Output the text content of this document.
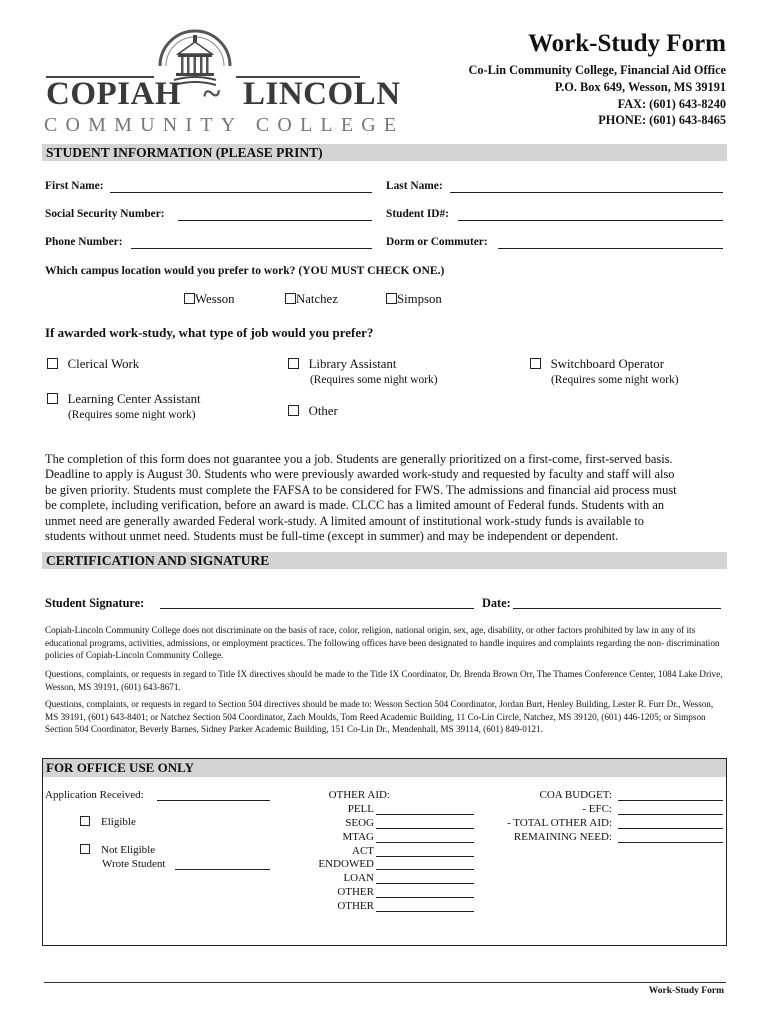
COPIAH ~ LINCOLN
COMMUNITY COLLEGE
Work-Study Form
Co-Lin Community College, Financial Aid Office
P.O. Box 649, Wesson, MS 39191
FAX: (601) 643-8240
PHONE: (601) 643-8465
STUDENT INFORMATION (PLEASE PRINT)
First Name:	Last Name:
Social Security Number:	Student ID#:
Phone Number:	Dorm or Commuter:
Which campus location would you prefer to work? (YOU MUST CHECK ONE.)
Wesson	Natchez	Simpson
If awarded work-study, what type of job would you prefer?
Clerical Work	Library Assistant
(Requires some night work)
Switchboard Operator
(Requires some night work)
Learning Center Assistant
(Requires some night work)	Other
The completion of this form does not guarantee you a job. Students are generally prioritized on a first-come, first-served basis.
Deadline to apply is August 30. Students who were previously awarded work-study and requested by faculty and staff will also
be given priority. Students must complete the FAFSA to be considered for FWS. The admissions and financial aid process must
be complete, including verification, before an award is made. CLCC has a limited amount of Federal funds. Students with an
unmet need are generally awarded Federal work-study. A limited amount of institutional work-study funds is available to
students without unmet need. Students must be full-time (except in summer) and may be independent or dependent.
CERTIFICATION AND SIGNATURE
Student Signature:	Date:
Copiah-Lincoln Community College does not discriminate on the basis of race, color, religion, national origin, sex, age, disability, or other factors prohibited by law in any of its educational programs, activities, admissions, or employment practices. The following offices have been designated to handle inquires and complaints regarding the non- discrimination policies of Copiah-Lincoln Community College.
Questions, complaints, or requests in regard to Title IX directives should be made to the Title IX Coordinator, Dr. Brenda Brown Orr, The Thames Conference Center, 1084 Lake Drive, Wesson, MS 39191, (601) 643-8671.
Questions, complaints, or requests in regard to Section 504 directives should be made to: Wesson Section 504 Coordinator, Jordan Burt, Henley Building, Lester R. Furr Dr., Wesson, MS 39191, (601) 643-8401; or Natchez Section 504 Coordinator, Zach Moulds, Tom Reed Academic Building, 11 Co-Lin Circle, Natchez, MS 39120, (601) 446-1205; or Simpson Section 504 Coordinator, Beverly Barnes, Sidney Parker Academic Building, 151 Co-Lin Dr., Mendenhall, MS 39114, (601) 849-0121.
FOR OFFICE USE ONLY
Application Received:
Eligible
Not Eligible
Wrote Student
OTHER AID:
PELL
SEOG
MTAG
ACT
ENDOWED
LOAN
OTHER
OTHER
COA BUDGET:
- EFC:
- TOTAL OTHER AID:
REMAINING NEED:
Work-Study Form
